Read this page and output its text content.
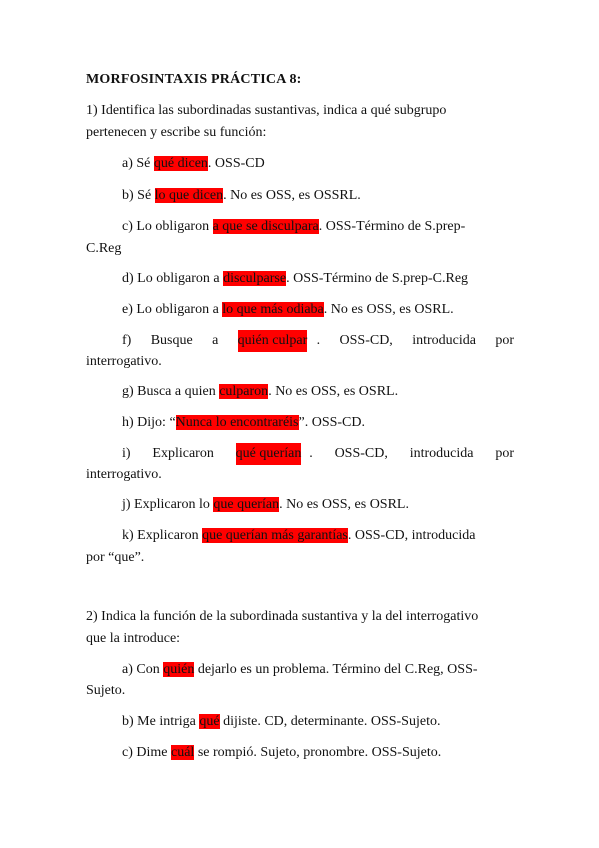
MORFOSINTAXIS PRÁCTICA 8:
1) Identifica las subordinadas sustantivas, indica a qué subgrupo
pertenecen y escribe su función:
a) Sé qué dicen. OSS-CD
b) Sé lo que dicen. No es OSS, es OSSRL.
c) Lo obligaron a que se disculpara. OSS-Término de S.prep-
C.Reg
d) Lo obligaron a disculparse. OSS-Término de S.prep-C.Reg
e) Lo obligaron a lo que más odiaba. No es OSS, es OSRL.
f) Busque a quién culpar . OSS-CD, introducida por
interrogativo.
g) Busca a quien culparon. No es OSS, es OSRL.
h) Dijo: “Nunca lo encontraréis”. OSS-CD.
i) Explicaron qué querían . OSS-CD, introducida por
interrogativo.
j) Explicaron lo que querían. No es OSS, es OSRL.
k) Explicaron que querían más garantías. OSS-CD, introducida
por “que”.
2) Indica la función de la subordinada sustantiva y la del interrogativo
que la introduce:
a) Con quién dejarlo es un problema. Término del C.Reg, OSS-
Sujeto.
b) Me intriga qué dijiste. CD, determinante. OSS-Sujeto.
c) Dime cuál se rompió. Sujeto, pronombre. OSS-Sujeto.
